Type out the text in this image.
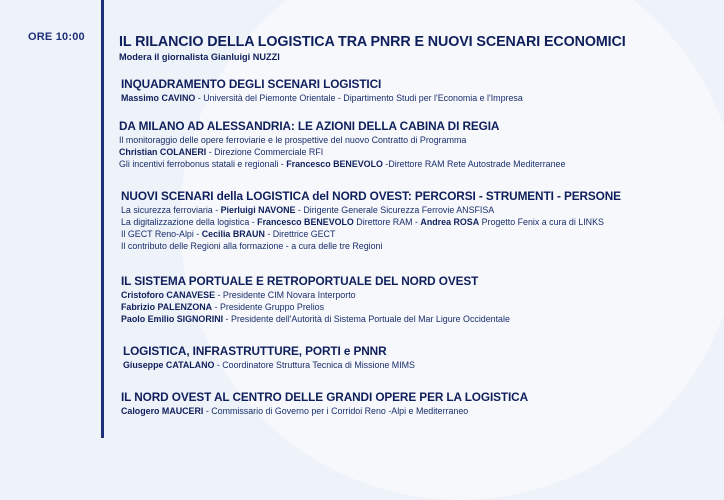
ORE 10:00 IL RILANCIO DELLA LOGISTICA TRA PNRR E NUOVI SCENARI ECONOMICI
Modera il giornalista Gianluigi NUZZI
INQUADRAMENTO DEGLI SCENARI LOGISTICI
Massimo CAVINO - Università del Piemonte Orientale - Dipartimento Studi per l'Economia e l'Impresa
DA MILANO AD ALESSANDRIA: LE AZIONI DELLA CABINA DI REGIA
Il monitoraggio delle opere ferroviarie e le prospettive del nuovo Contratto di Programma
Christian COLANERI - Direzione Commerciale RFI
Gli incentivi ferrobonus statali e regionali - Francesco BENEVOLO -Direttore RAM Rete Autostrade Mediterranee
NUOVI SCENARI della LOGISTICA del NORD OVEST: PERCORSI - STRUMENTI - PERSONE
La sicurezza ferroviaria - Pierluigi NAVONE - Dirigente Generale Sicurezza Ferrovie ANSFISA
La digitalizzazione della logistica - Francesco BENEVOLO Direttore RAM - Andrea ROSA Progetto Fenix a cura di LINKS
Il GECT Reno-Alpi - Cecilia BRAUN - Direttrice GECT
Il contributo delle Regioni alla formazione - a cura delle tre Regioni
IL SISTEMA PORTUALE E RETROPORTUALE DEL NORD OVEST
Cristoforo CANAVESE - Presidente CIM Novara Interporto
Fabrizio PALENZONA - Presidente Gruppo Prelios
Paolo Emilio SIGNORINI - Presidente dell'Autorità di Sistema Portuale del Mar Ligure Occidentale
LOGISTICA, INFRASTRUTTURE, PORTI e PNNR
Giuseppe CATALANO - Coordinatore Struttura Tecnica di Missione MIMS
IL NORD OVEST AL CENTRO DELLE GRANDI OPERE PER LA LOGISTICA
Calogero MAUCERI - Commissario di Governo per i Corridoi Reno -Alpi e Mediterraneo
